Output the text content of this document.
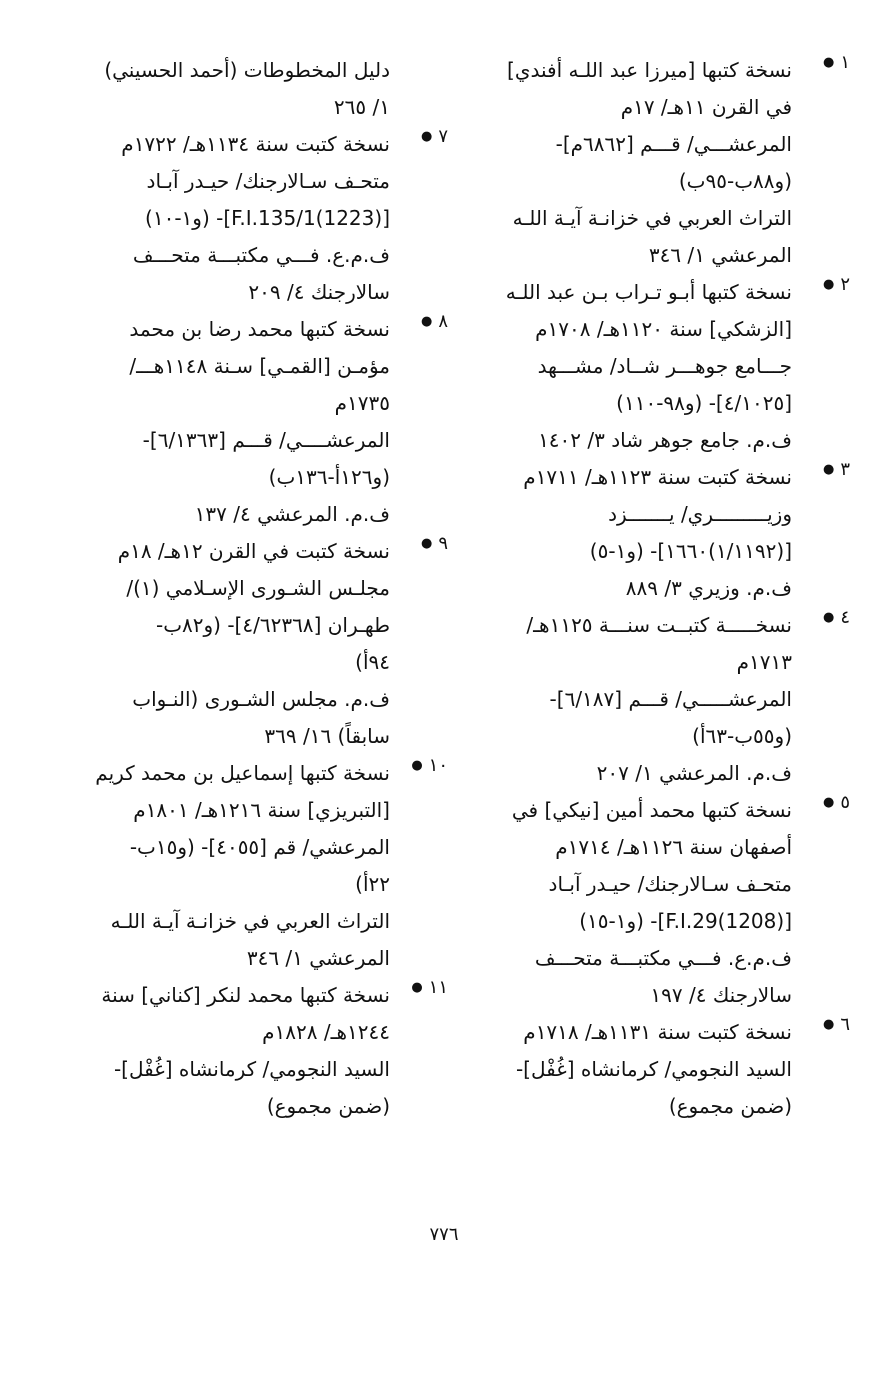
١
●
نسخة كتبها [ميرزا عبد اللـه أفندي]
في القرن ١١هـ/ ١٧م
المرعشـــي/ قـــم [٦٨٦٢م]-
(و٨٨ب-٩٥ب)
التراث العربي في خزانـة آيـة اللـه
المرعشي ١/ ٣٤٦
٢
●
نسخة كتبها أبـو تـراب بـن عبد اللـه
[الزشكي] سنة ١١٢٠هـ/ ١٧٠٨م
جـــامع جوهـــر شــاد/ مشـــهد
[٤/١٠٢٥]- (و٩٨-١١٠)
ف.م. جامع جوهر شاد ٣/ ١٤٠٢
٣
●
نسخة كتبت سنة ١١٢٣هـ/ ١٧١١م
وزيـــــــــري/ يـــــــزد
[(١/١١٩٢)١٦٦٠]- (و١-٥)
ف.م. وزيري ٣/ ٨٨٩
٤
●
نسخـــــة كتبــت سنـــة ١١٢٥هـ/
١٧١٣م
المرعشـــــي/ قـــم [٦/١٨٧]-
(و٥٥ب-٦٣أ)
ف.م. المرعشي ١/ ٢٠٧
٥
●
نسخة كتبها محمد أمين [نيكي] في
أصفهان سنة ١١٢٦هـ/ ١٧١٤م
متحـف سـالارجنك/ حيـدر آبـاد
[(1208)F.I.29]- (و١-١٥)
ف.م.ع. فـــي مكتبـــة متحـــف
سالارجنك ٤/ ١٩٧
٦
●
نسخة كتبت سنة ١١٣١هـ/ ١٧١٨م
السيد النجومي/ كرمانشاه [غُفْل]-
(ضمن مجموع)
دليل المخطوطات (أحمد الحسيني)
١/ ٢٦٥
٧
●
نسخة كتبت سنة ١١٣٤هـ/ ١٧٢٢م
متحـف سـالارجنك/ حيـدر آبـاد
[(1223)F.I.135/1]- (و١-١٠)
ف.م.ع. فـــي مكتبـــة متحـــف
سالارجنك ٤/ ٢٠٩
٨
●
نسخة كتبها محمد رضا بن محمد
مؤمـن [القمـي] سـنة ١١٤٨هـــ/
١٧٣٥م
المرعشــــي/ قـــم [٦/١٣٦٣]-
(و١٢٦أ-١٣٦ب)
ف.م. المرعشي ٤/ ١٣٧
٩
●
نسخة كتبت في القرن ١٢هـ/ ١٨م
مجلـس الشـورى الإسـلامي (١)/
طهـران [٤/٦٢٣٦٨]- (و٨٢ب-
٩٤أ)
ف.م. مجلس الشـورى (النـواب
سابقاً) ١٦/ ٣٦٩
١٠
●
نسخة كتبها إسماعيل بن محمد كريم
[التبريزي] سنة ١٢١٦هـ/ ١٨٠١م
المرعشي/ قم [٤٠٥٥]- (و١٥ب-
٢٢أ)
التراث العربي في خزانـة آيـة اللـه
المرعشي ١/ ٣٤٦
١١
●
نسخة كتبها محمد لنكر [كناني] سنة
١٢٤٤هـ/ ١٨٢٨م
السيد النجومي/ كرمانشاه [غُفْل]-
(ضمن مجموع)
٧٧٦
